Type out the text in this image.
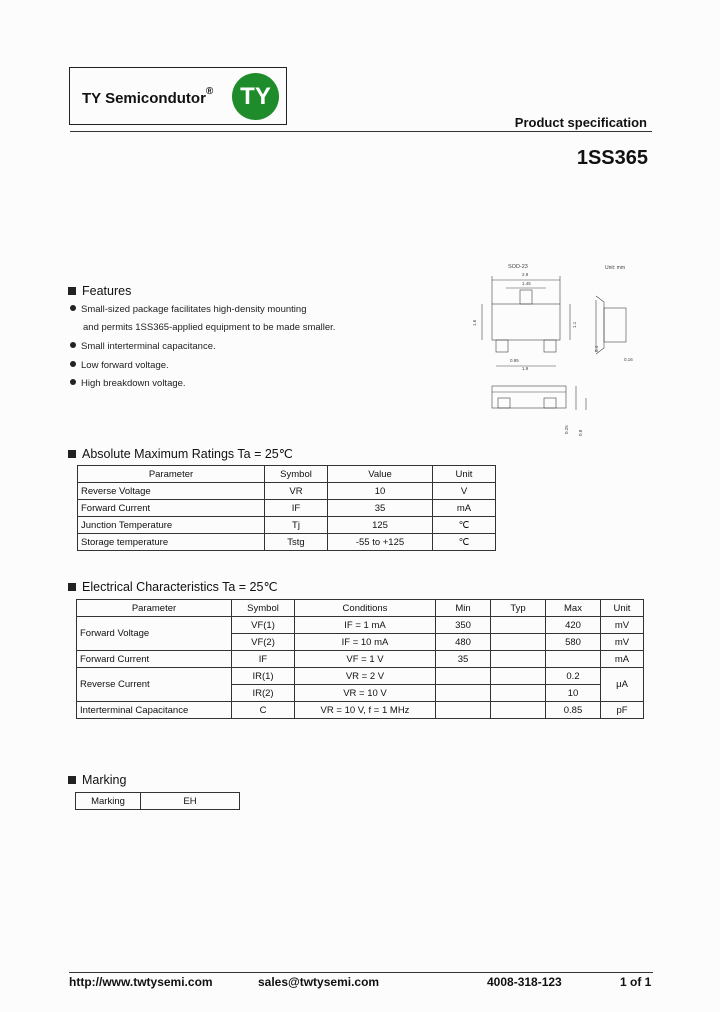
TY Semicondutor®	TY
Product specification
1SS365
SOD-23	Unit: mm
2.9
1.45
1.6	1.1
0.95
1.9
0.16
0.4
0.25 0.8
Features
Small-sized package facilitates high-density mounting
and permits 1SS365-applied equipment to be made smaller.
Small interterminal capacitance.
Low forward voltage.
High breakdown voltage.
Absolute Maximum Ratings Ta = 25℃
Parameter	Symbol	Value	Unit
Reverse Voltage	VR	10	V
Forward Current	IF	35	mA
Junction Temperature	Tj	125	℃
Storage temperature	Tstg	-55 to +125	℃
Electrical Characteristics Ta = 25℃
Parameter	Symbol	Conditions	Min	Typ	Max	Unit
Forward Voltage	VF(1)	IF = 1 mA	350		420	mV
	VF(2)	IF = 10 mA	480		580	mV
Forward Current	IF	VF = 1 V	35			mA
Reverse Current	IR(1)	VR = 2 V			0.2	μA
	IR(2)	VR = 10 V			10	
Interterminal Capacitance	C	VR = 10 V, f = 1 MHz			0.85	pF
Marking
Marking	EH
http://www.twtysemi.com	sales@twtysemi.com	4008-318-123	1 of 1
